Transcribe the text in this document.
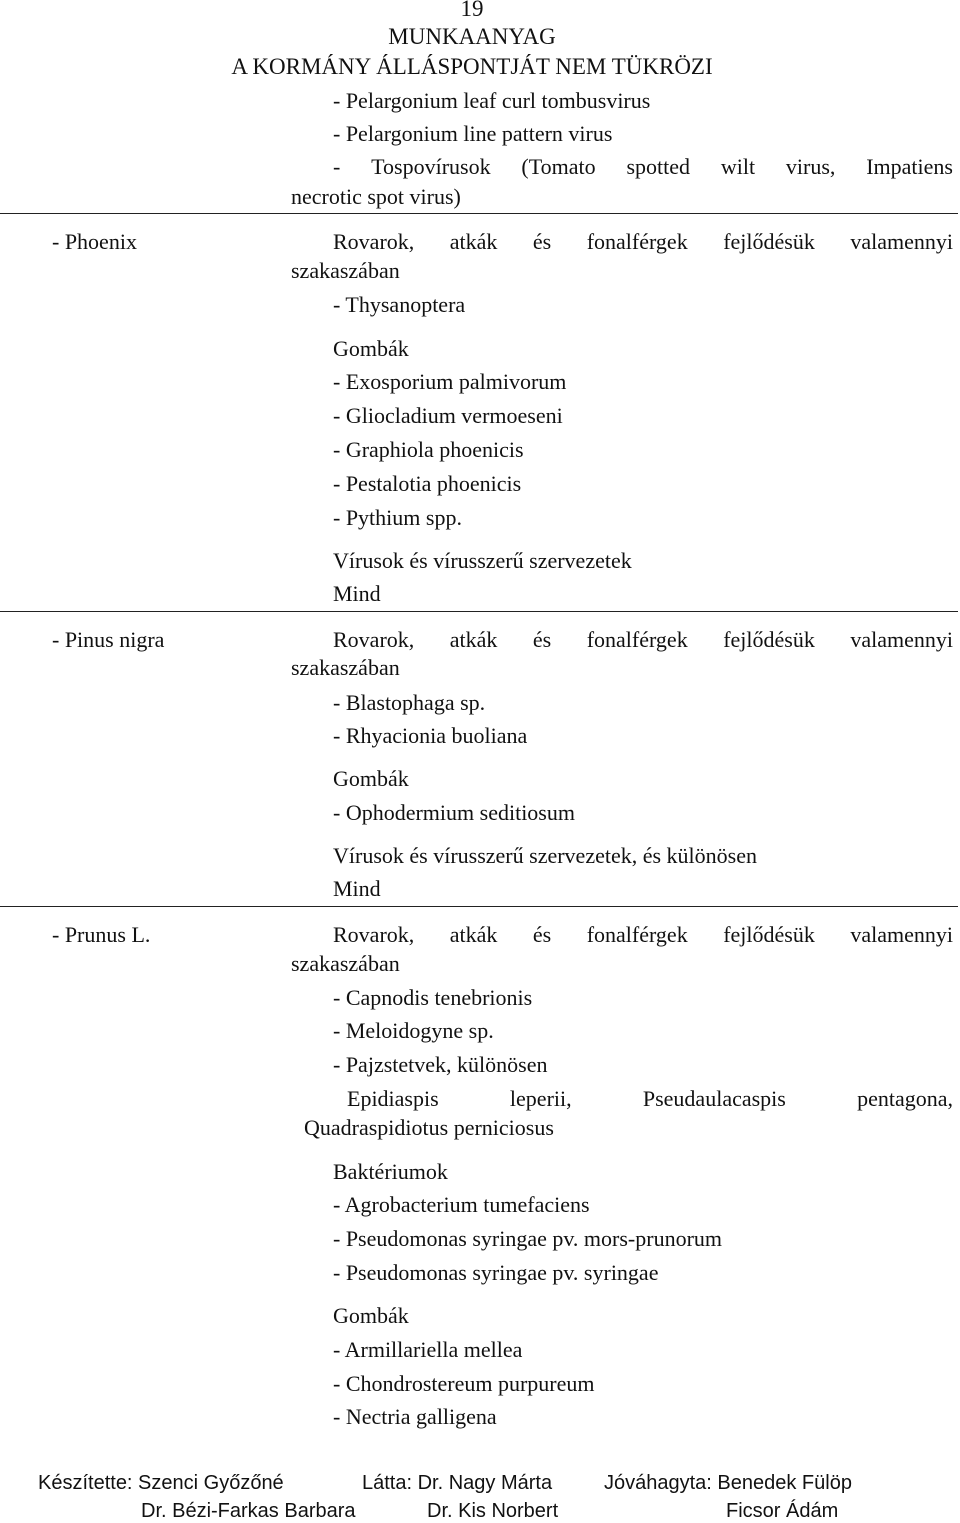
19
MUNKAANYAG
A KORMÁNY ÁLLÁSPONTJÁT NEM TÜKRÖZI
- Pelargonium leaf curl tombusvirus
- Pelargonium line pattern virus
- Tospovírusok (Tomato spotted wilt virus, Impatiens
necrotic spot virus)
- Phoenix	Rovarok, atkák és fonalférgek fejlődésük valamennyi
szakaszában
- Thysanoptera
Gombák
- Exosporium palmivorum
- Gliocladium vermoeseni
- Graphiola phoenicis
- Pestalotia phoenicis
- Pythium spp.
Vírusok és vírusszerű szervezetek
Mind
- Pinus nigra	Rovarok, atkák és fonalférgek fejlődésük valamennyi
szakaszában
- Blastophaga sp.
- Rhyacionia buoliana
Gombák
- Ophodermium seditiosum
Vírusok és vírusszerű szervezetek, és különösen
Mind
- Prunus L.	Rovarok, atkák és fonalférgek fejlődésük valamennyi
szakaszában
- Capnodis tenebrionis
- Meloidogyne sp.
- Pajzstetvek, különösen
Epidiaspis	leperii,	Pseudaulacaspis	pentagona,
Quadraspidiotus perniciosus
Baktériumok
- Agrobacterium tumefaciens
- Pseudomonas syringae pv. mors-prunorum
- Pseudomonas syringae pv. syringae
Gombák
- Armillariella mellea
- Chondrostereum purpureum
- Nectria galligena
Készítette: Szenci Győzőné	Látta: Dr. Nagy Márta	Jóváhagyta: Benedek Fülöp
Dr. Bézi-Farkas Barbara	Dr. Kis Norbert	Ficsor Ádám
